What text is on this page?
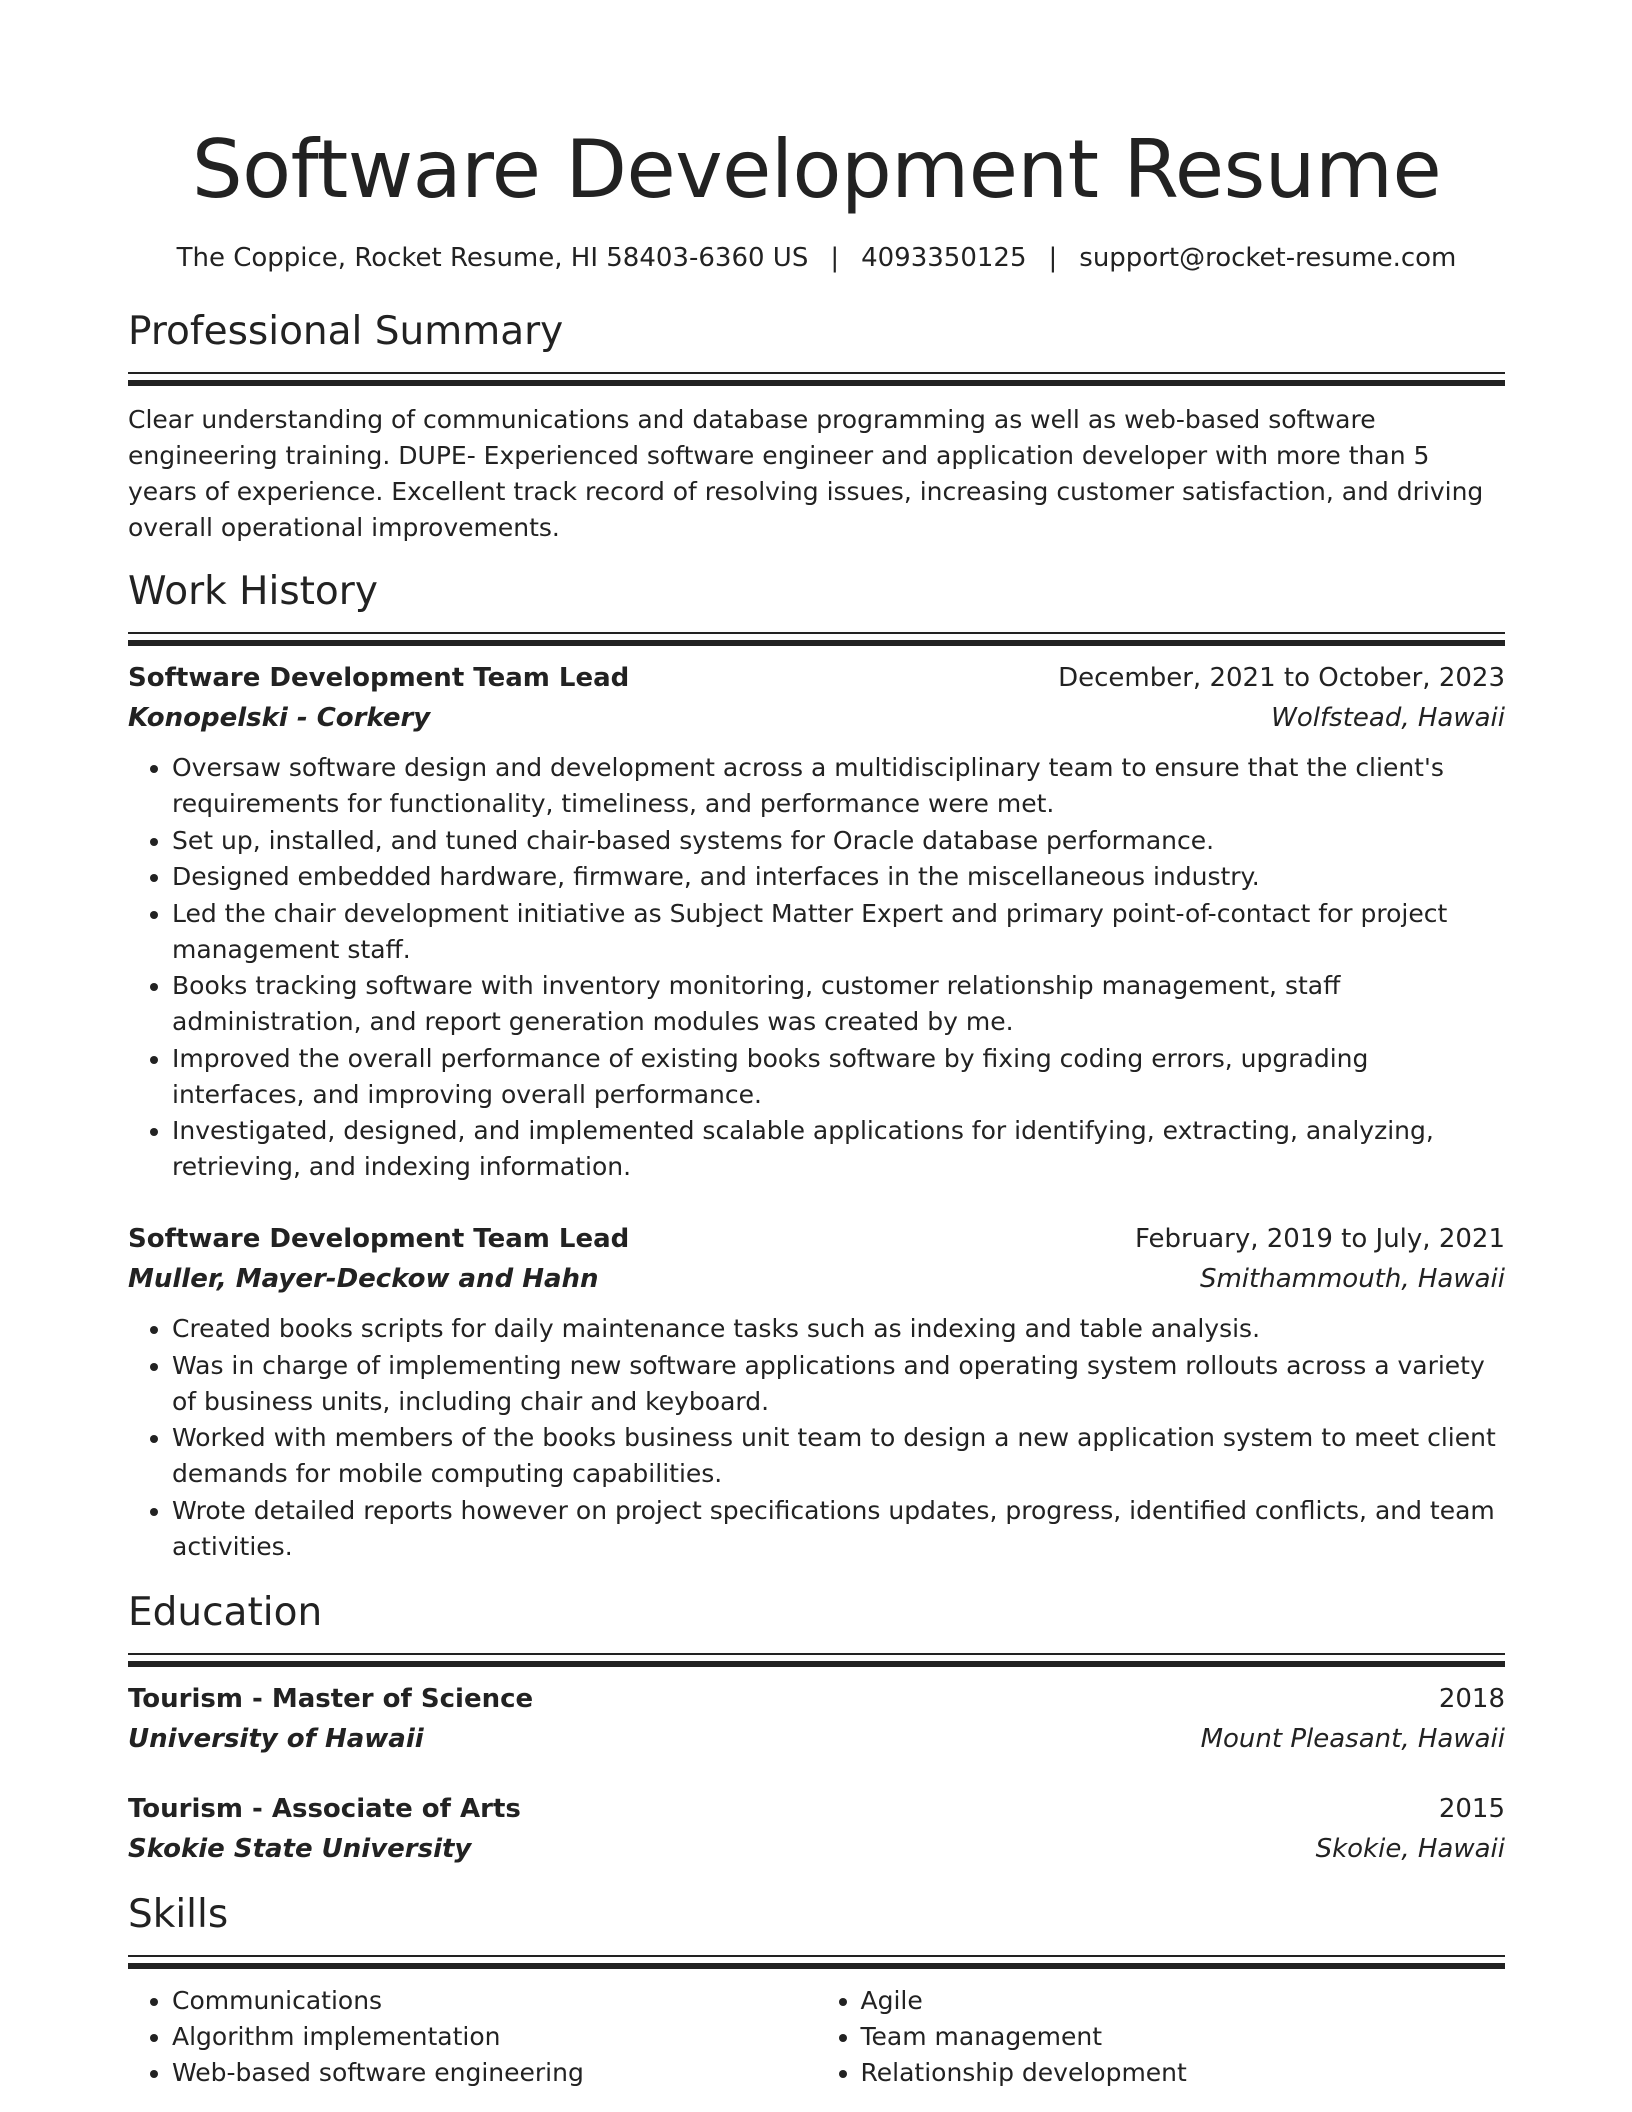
Software Development Resume
The Coppice, Rocket Resume, HI 58403-6360 US | 4093350125 | support@rocket-resume.com
Professional Summary
Clear understanding of communications and database programming as well as web-based software engineering training. DUPE- Experienced software engineer and application developer with more than 5 years of experience. Excellent track record of resolving issues, increasing customer satisfaction, and driving overall operational improvements.
Work History
Software Development Team Lead	December, 2021 to October, 2023
Konopelski - Corkery	Wolfstead, Hawaii
• Oversaw software design and development across a multidisciplinary team to ensure that the client's requirements for functionality, timeliness, and performance were met.
• Set up, installed, and tuned chair-based systems for Oracle database performance.
• Designed embedded hardware, firmware, and interfaces in the miscellaneous industry.
• Led the chair development initiative as Subject Matter Expert and primary point-of-contact for project management staff.
• Books tracking software with inventory monitoring, customer relationship management, staff administration, and report generation modules was created by me.
• Improved the overall performance of existing books software by fixing coding errors, upgrading interfaces, and improving overall performance.
• Investigated, designed, and implemented scalable applications for identifying, extracting, analyzing, retrieving, and indexing information.
Software Development Team Lead	February, 2019 to July, 2021
Muller, Mayer-Deckow and Hahn	Smithammouth, Hawaii
• Created books scripts for daily maintenance tasks such as indexing and table analysis.
• Was in charge of implementing new software applications and operating system rollouts across a variety of business units, including chair and keyboard.
• Worked with members of the books business unit team to design a new application system to meet client demands for mobile computing capabilities.
• Wrote detailed reports however on project specifications updates, progress, identified conflicts, and team activities.
Education
Tourism - Master of Science	2018
University of Hawaii	Mount Pleasant, Hawaii
Tourism - Associate of Arts	2015
Skokie State University	Skokie, Hawaii
Skills
• Communications
• Algorithm implementation
• Web-based software engineering
• Agile
• Team management
• Relationship development
